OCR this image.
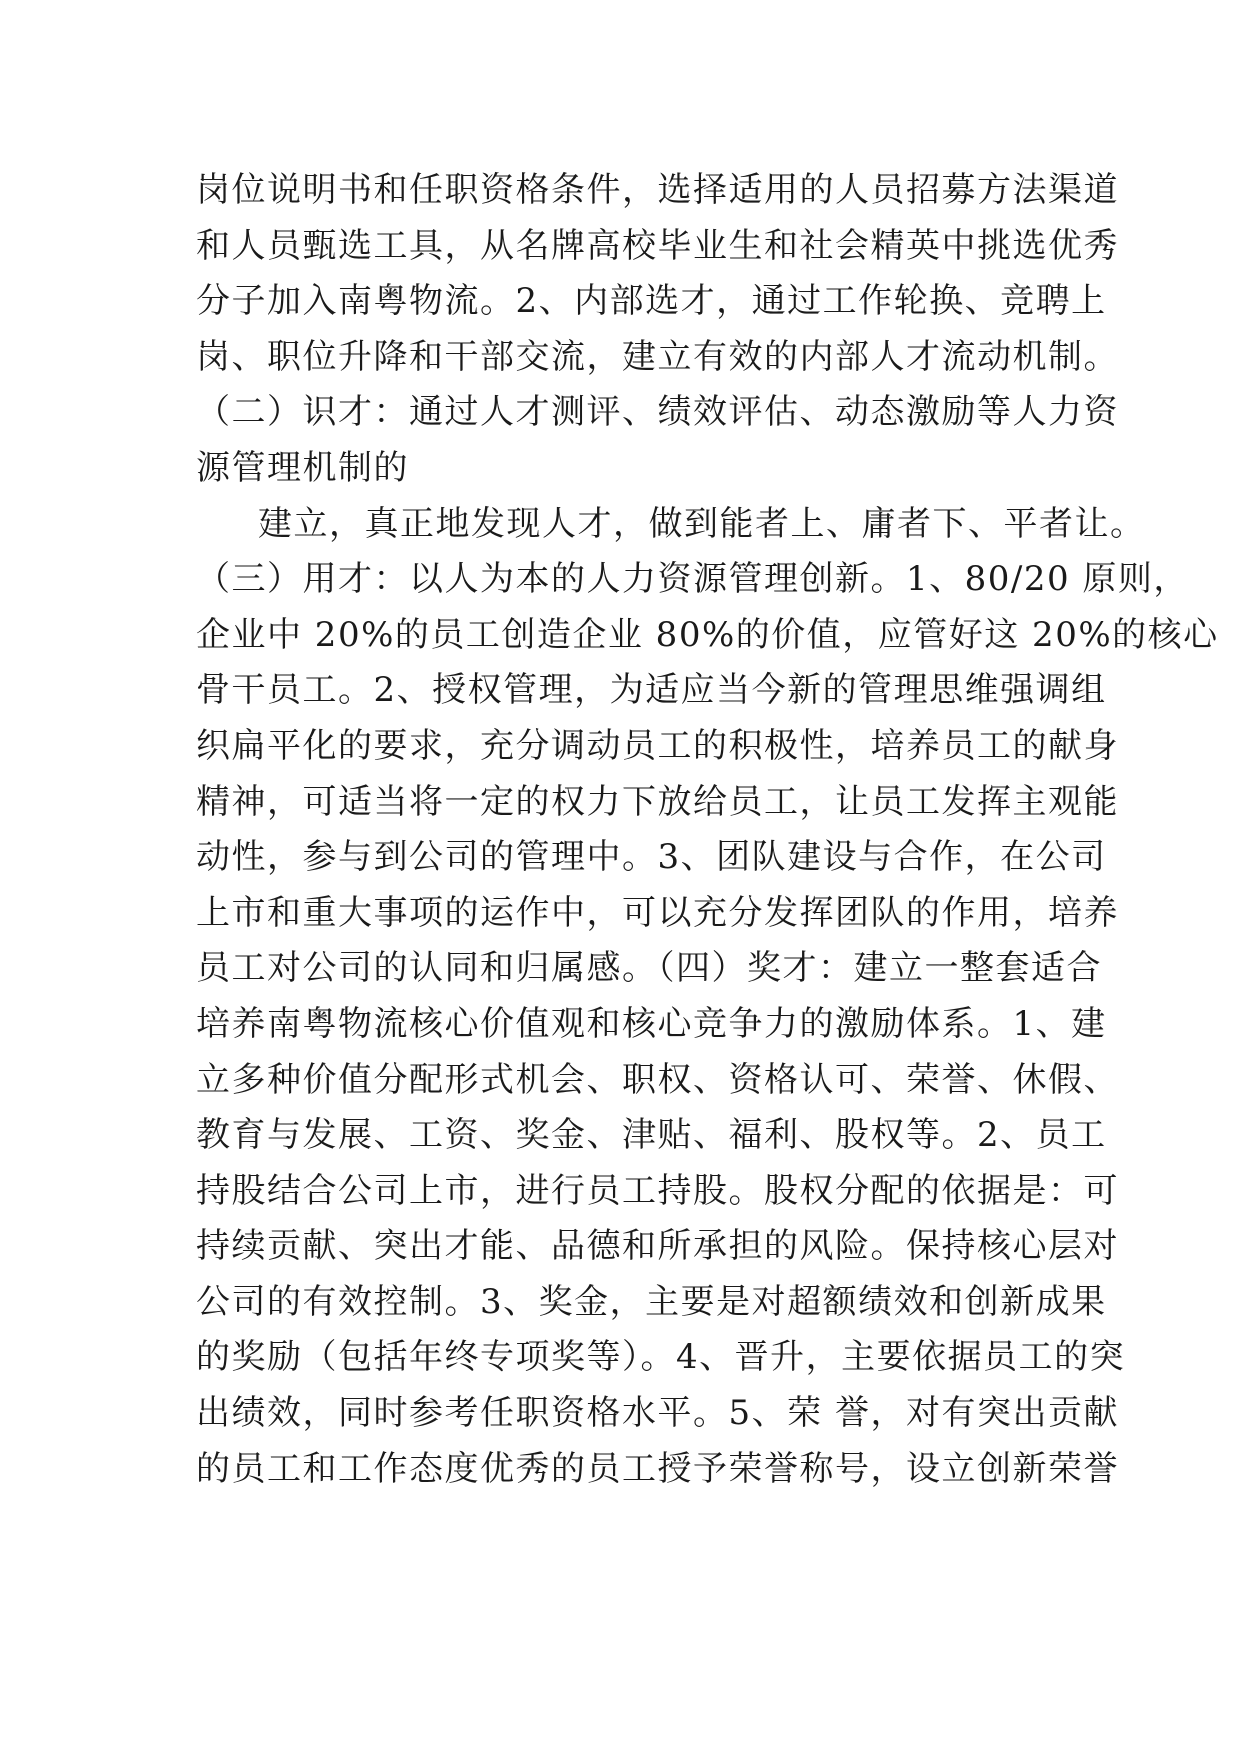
岗位说明书和任职资格条件，选择适用的人员招募方法渠道
和人员甄选工具，从名牌高校毕业生和社会精英中挑选优秀
分子加入南粤物流。2、内部选才，通过工作轮换、竞聘上
岗、职位升降和干部交流，建立有效的内部人才流动机制。
（二）识才：通过人才测评、绩效评估、动态激励等人力资
源管理机制的
建立，真正地发现人才，做到能者上、庸者下、平者让。
（三）用才：以人为本的人力资源管理创新。1、80/20 原则，
企业中 20%的员工创造企业 80%的价值，应管好这 20%的核心
骨干员工。2、授权管理，为适应当今新的管理思维强调组
织扁平化的要求，充分调动员工的积极性，培养员工的献身
精神，可适当将一定的权力下放给员工，让员工发挥主观能
动性，参与到公司的管理中。3、团队建设与合作，在公司
上市和重大事项的运作中，可以充分发挥团队的作用，培养
员工对公司的认同和归属感。（四）奖才：建立一整套适合
培养南粤物流核心价值观和核心竞争力的激励体系。1、建
立多种价值分配形式机会、职权、资格认可、荣誉、休假、
教育与发展、工资、奖金、津贴、福利、股权等。2、员工
持股结合公司上市，进行员工持股。股权分配的依据是：可
持续贡献、突出才能、品德和所承担的风险。保持核心层对
公司的有效控制。3、奖金，主要是对超额绩效和创新成果
的奖励（包括年终专项奖等）。4、晋升，主要依据员工的突
出绩效，同时参考任职资格水平。5、荣 誉，对有突出贡献
的员工和工作态度优秀的员工授予荣誉称号，设立创新荣誉
